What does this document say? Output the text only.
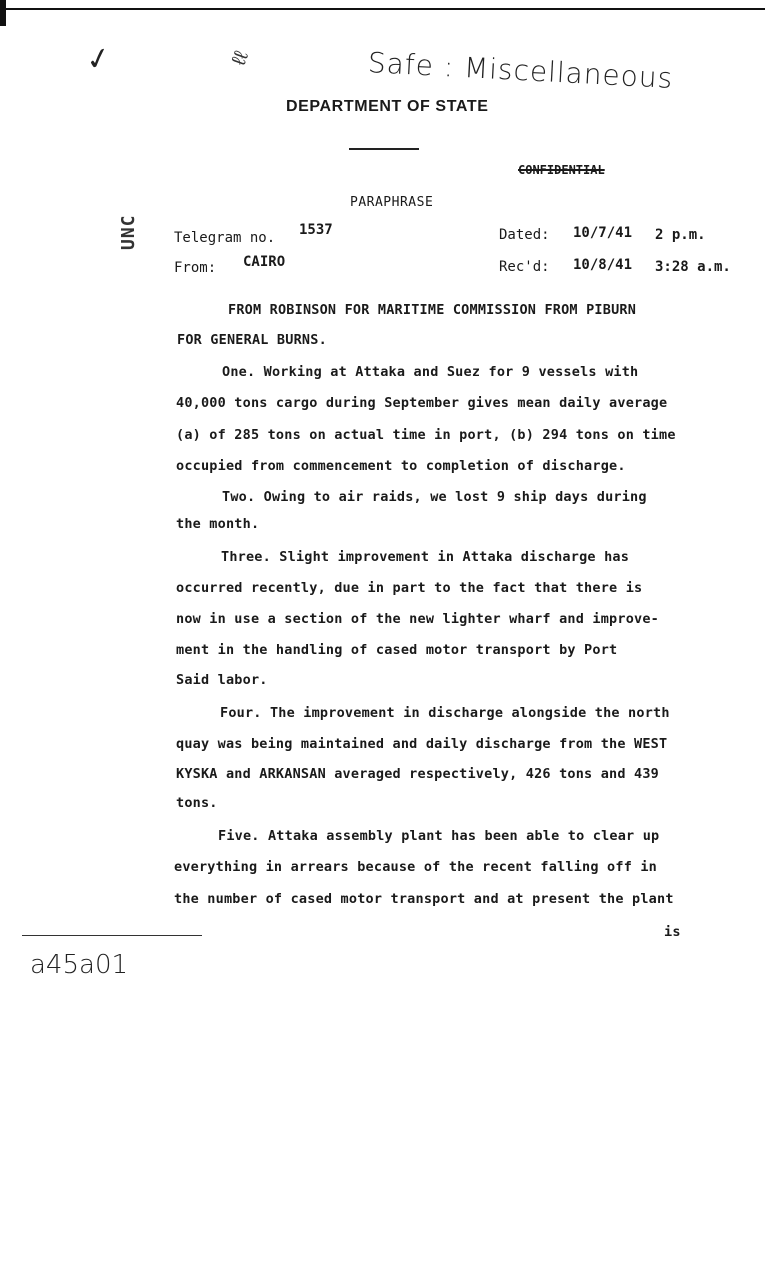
✓	ℓℓ	Safe : Miscellaneous
DEPARTMENT OF STATE
CONFIDENTIAL
PARAPHRASE
UNC	Telegram no. 1537	Dated: 10/7/41 2 p.m.
From: CAIRO	Rec'd: 10/8/41 3:28 a.m.
FROM ROBINSON FOR MARITIME COMMISSION FROM PIBURN
FOR GENERAL BURNS.
One. Working at Attaka and Suez for 9 vessels with
40,000 tons cargo during September gives mean daily average
(a) of 285 tons on actual time in port, (b) 294 tons on time
occupied from commencement to completion of discharge.
Two. Owing to air raids, we lost 9 ship days during
the month.
Three. Slight improvement in Attaka discharge has
occurred recently, due in part to the fact that there is
now in use a section of the new lighter wharf and improve-
ment in the handling of cased motor transport by Port
Said labor.
Four. The improvement in discharge alongside the north
quay was being maintained and daily discharge from the WEST
KYSKA and ARKANSAN averaged respectively, 426 tons and 439
tons.
Five. Attaka assembly plant has been able to clear up
everything in arrears because of the recent falling off in
the number of cased motor transport and at present the plant
is
a45a01
